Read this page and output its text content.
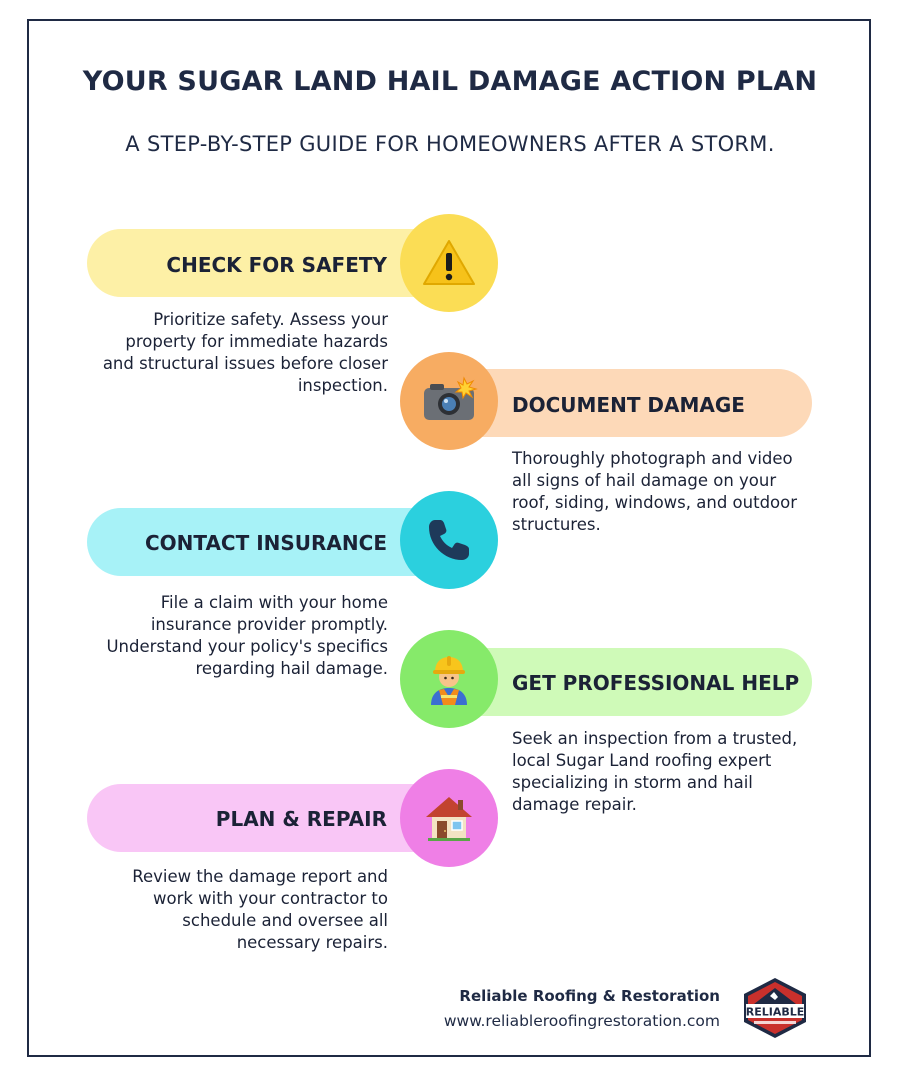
YOUR SUGAR LAND HAIL DAMAGE ACTION PLAN
A STEP-BY-STEP GUIDE FOR HOMEOWNERS AFTER A STORM.
CHECK FOR SAFETY
Prioritize safety. Assess your property for immediate hazards and structural issues before closer inspection.
DOCUMENT DAMAGE
Thoroughly photograph and video all signs of hail damage on your roof, siding, windows, and outdoor structures.
CONTACT INSURANCE
File a claim with your home insurance provider promptly. Understand your policy's specifics regarding hail damage.
GET PROFESSIONAL HELP
Seek an inspection from a trusted, local Sugar Land roofing expert specializing in storm and hail damage repair.
PLAN & REPAIR
Review the damage report and work with your contractor to schedule and oversee all necessary repairs.
Reliable Roofing & Restoration
www.reliableroofingrestoration.com RELIABLE
